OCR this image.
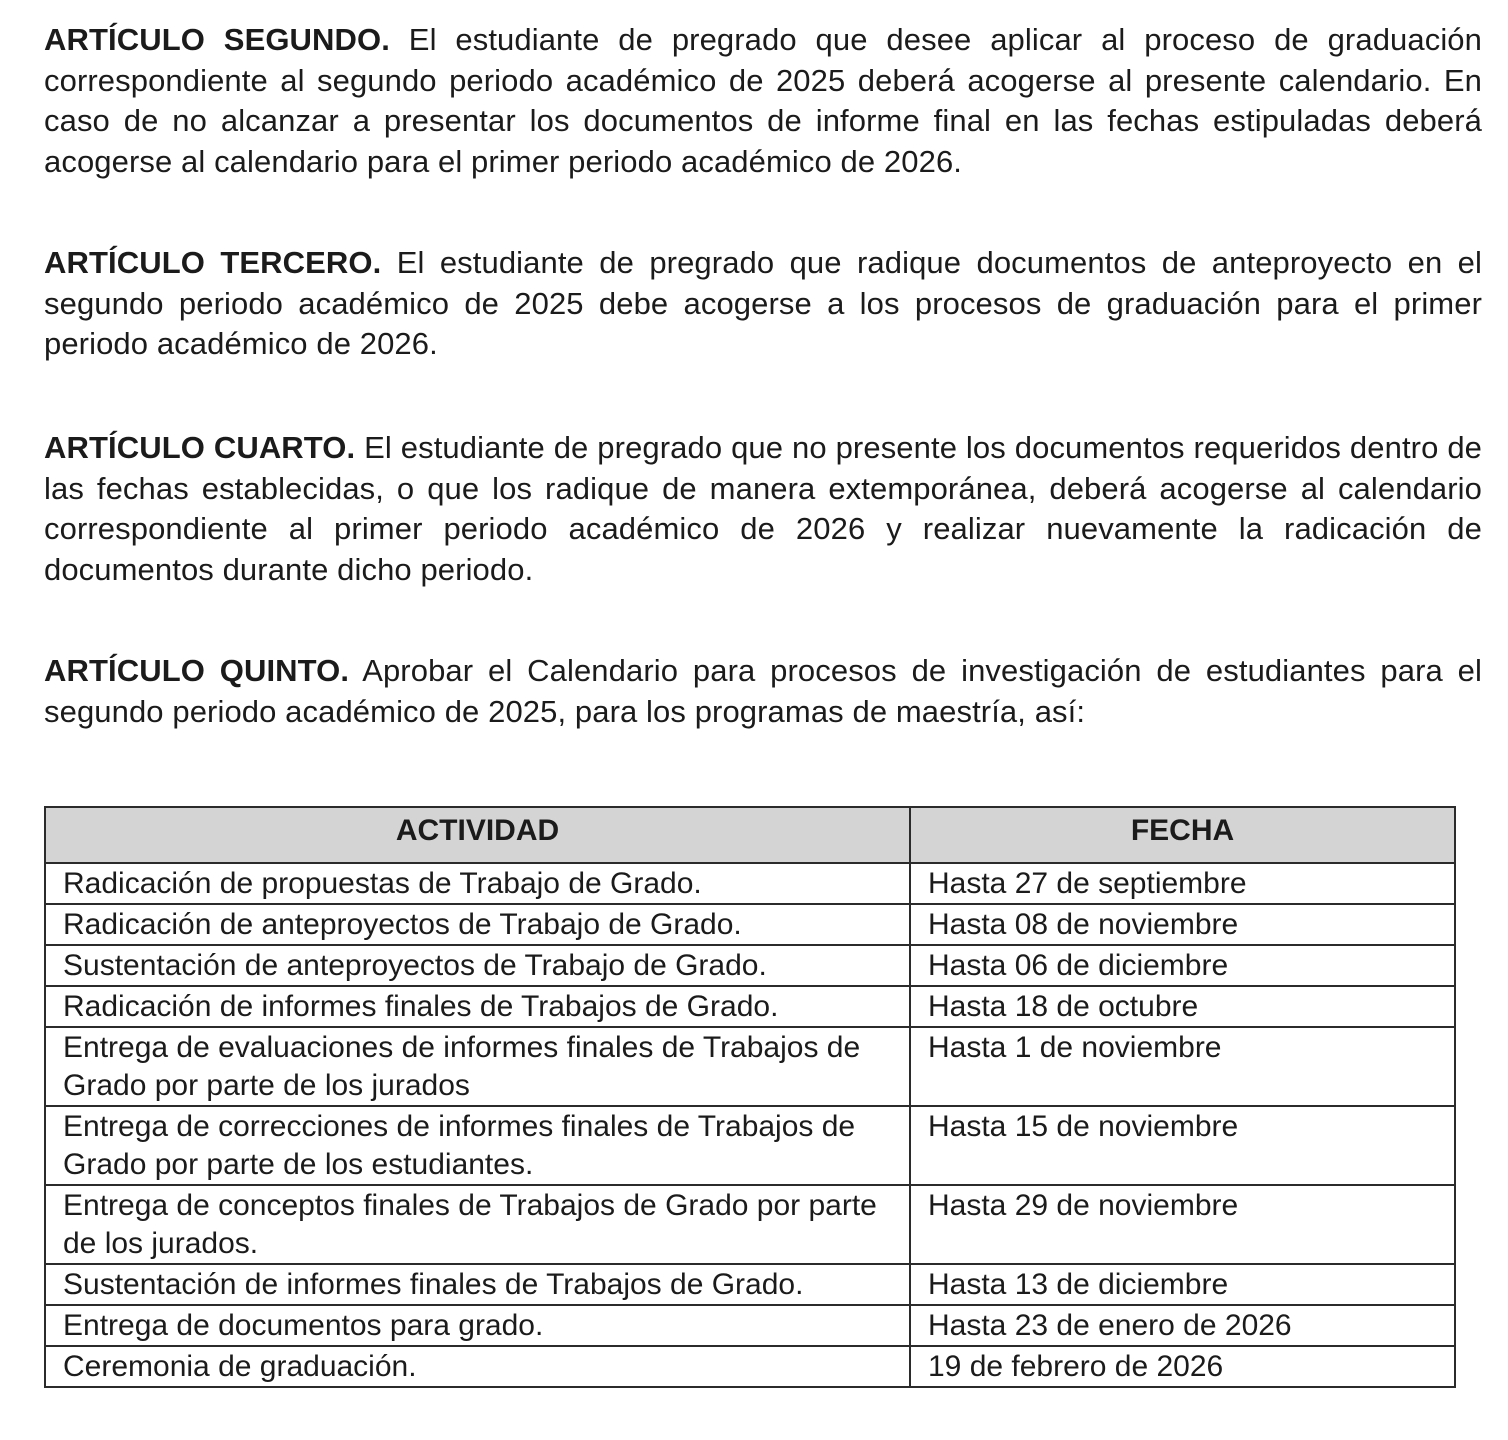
ARTÍCULO SEGUNDO. El estudiante de pregrado que desee aplicar al proceso de graduación correspondiente al segundo periodo académico de 2025 deberá acogerse al presente calendario. En caso de no alcanzar a presentar los documentos de informe final en las fechas estipuladas deberá acogerse al calendario para el primer periodo académico de 2026.

ARTÍCULO TERCERO. El estudiante de pregrado que radique documentos de anteproyecto en el segundo periodo académico de 2025 debe acogerse a los procesos de graduación para el primer periodo académico de 2026.

ARTÍCULO CUARTO. El estudiante de pregrado que no presente los documentos requeridos dentro de las fechas establecidas, o que los radique de manera extemporánea, deberá acogerse al calendario correspondiente al primer periodo académico de 2026 y realizar nuevamente la radicación de documentos durante dicho periodo.

ARTÍCULO QUINTO. Aprobar el Calendario para procesos de investigación de estudiantes para el segundo periodo académico de 2025, para los programas de maestría, así:

ACTIVIDAD	FECHA
Radicación de propuestas de Trabajo de Grado.	Hasta 27 de septiembre
Radicación de anteproyectos de Trabajo de Grado.	Hasta 08 de noviembre
Sustentación de anteproyectos de Trabajo de Grado.	Hasta 06 de diciembre
Radicación de informes finales de Trabajos de Grado.	Hasta 18 de octubre
Entrega de evaluaciones de informes finales de Trabajos de Grado por parte de los jurados	Hasta 1 de noviembre
Entrega de correcciones de informes finales de Trabajos de Grado por parte de los estudiantes.	Hasta 15 de noviembre
Entrega de conceptos finales de Trabajos de Grado por parte de los jurados.	Hasta 29 de noviembre
Sustentación de informes finales de Trabajos de Grado.	Hasta 13 de diciembre
Entrega de documentos para grado.	Hasta 23 de enero de 2026
Ceremonia de graduación.	19 de febrero de 2026
